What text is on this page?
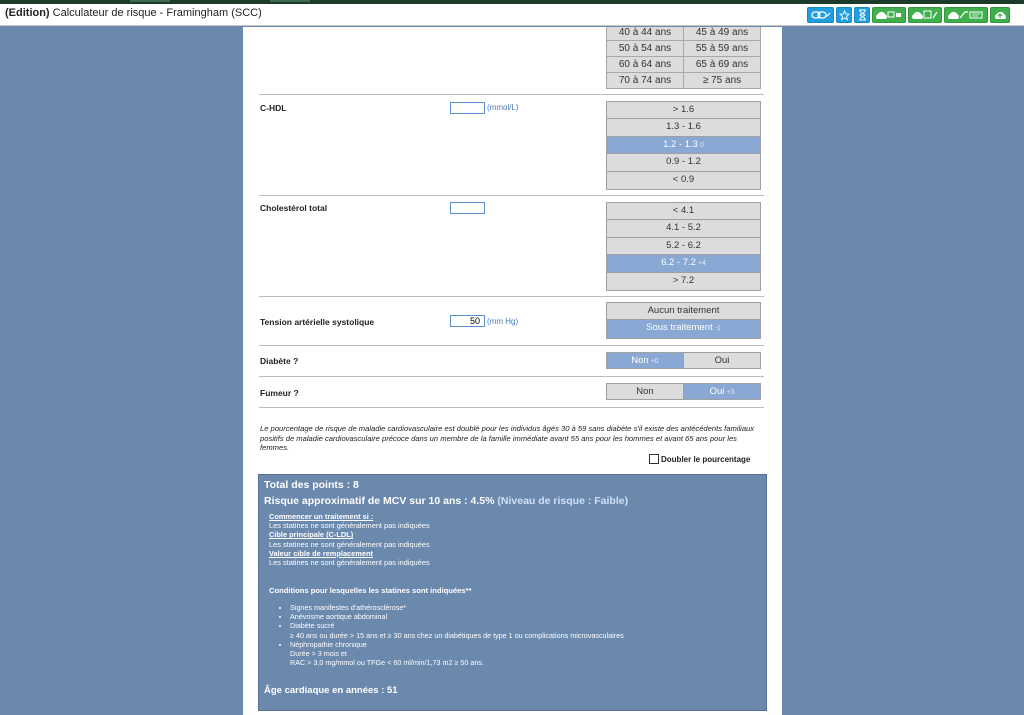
(Edition) Calculateur de risque - Framingham (SCC)
40 à 44 ans	45 à 49 ans
50 à 54 ans	55 à 59 ans
60 à 64 ans	65 à 69 ans
70 à 74 ans	≥ 75 ans
C-HDL	(mmol/L)	> 1.6
1.3 - 1.6
1.2 - 1.3 0
0.9 - 1.2
< 0.9
Cholestérol total	< 4.1
4.1 - 5.2
5.2 - 6.2
6.2 - 7.2 +4
> 7.2
Tension artérielle systolique	50 (mm Hg)
Aucun traitement
Sous traitement -1
Diabète ?	Non +0	Oui
Fumeur ?	Non	Oui +3
Le pourcentage de risque de maladie cardiovasculaire est doublé pour les individus âgés 30 à 59 sans diabète s'il existe des antécédents familiaux positifs de maladie cardiovasculaire précoce dans un membre de la famille immédiate avant 55 ans pour les hommes et avant 65 ans pour les femmes.
Doubler le pourcentage
Total des points : 8
Risque approximatif de MCV sur 10 ans : 4.5% (Niveau de risque : Faible)
Commencer un traitement si :
Les statines ne sont généralement pas indiquées
Cible principale (C-LDL)
Les statines ne sont généralement pas indiquées
Valeur cible de remplacement
Les statines ne sont généralement pas indiquées
Conditions pour lesquelles les statines sont indiquées**
• Signes manifestes d'athérosclérose*
• Anévrisme aortique abdominal
• Diabète sucré
≥ 40 ans ou durée > 15 ans et ≥ 30 ans chez un diabétiques de type 1 ou complications microvasculaires
• Néphropathie chronique
Durée > 3 mois et
RAC > 3,0 mg/mmol ou TFGe < 60 ml/min/1,73 m2 ≥ 50 ans.
Âge cardiaque en années : 51
